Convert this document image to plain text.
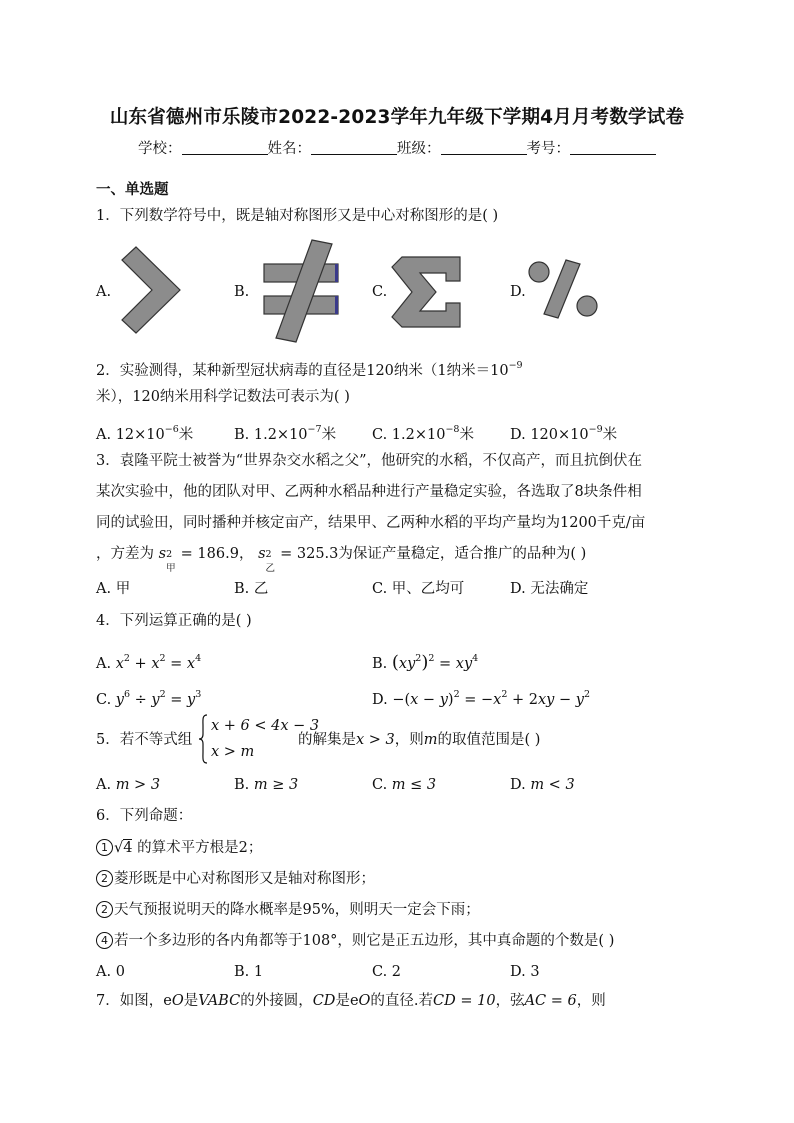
山东省德州市乐陵市2022-2023学年九年级下学期4月月考数学试卷
学校：	姓名：	班级：	考号：
一、单选题
1．下列数学符号中，既是轴对称图形又是中心对称图形的是( )
A.	B.	C.	D.
2．实验测得，某种新型冠状病毒的直径是120纳米（1纳米$=10^{-9}$
米），120纳米用科学记数法可表示为( )
A. $12\times 10^{-6}$米	B. $1.2\times 10^{-7}$米 C. $1.2\times 10^{-8}$米 D. $120\times 10^{-9}$米
3．袁隆平院士被誉为“世界杂交水稻之父”，他研究的水稻，不仅高产，而且抗倒伏在
某次实验中，他的团队对甲、乙两种水稻品种进行产量稳定实验，各选取了8块条件相
同的试验田，同时播种并核定亩产，结果甲、乙两种水稻的平均产量均为1200千克/亩
，方差为 s 2
甲
= 186.9， s 2
乙
= 325.3为保证产量稳定，适合推广的品种为( )
A. 甲	B. 乙	C. 甲、乙均可	D. 无法确定
4．下列运算正确的是( )
A. $x^2 + x^2 = x^4$	B. $(xy^2)^2 = xy^4$
C. $y^6 \div y^2 = y^3$	D. $-(x - y)^2 = -x^2 + 2xy - y^2$
5．若不等式组
x + 6 < 4x − 3
x > m
的解集是x > 3，则m的取值范围是( )
A. m > 3	B. m ≥ 3	C. m ≤ 3	D. m < 3
6．下列命题：
1 √4 的算术平方根是2；
2 菱形既是中心对称图形又是轴对称图形；
2 天气预报说明天的降水概率是95%，则明天一定会下雨；
4 若一个多边形的各内角都等于108°，则它是正五边形，其中真命题的个数是( )
A. 0	B. 1	C. 2	D. 3
7．如图，eO是VABC的外接圆，CD是eO的直径.若CD = 10，弦AC = 6，则
